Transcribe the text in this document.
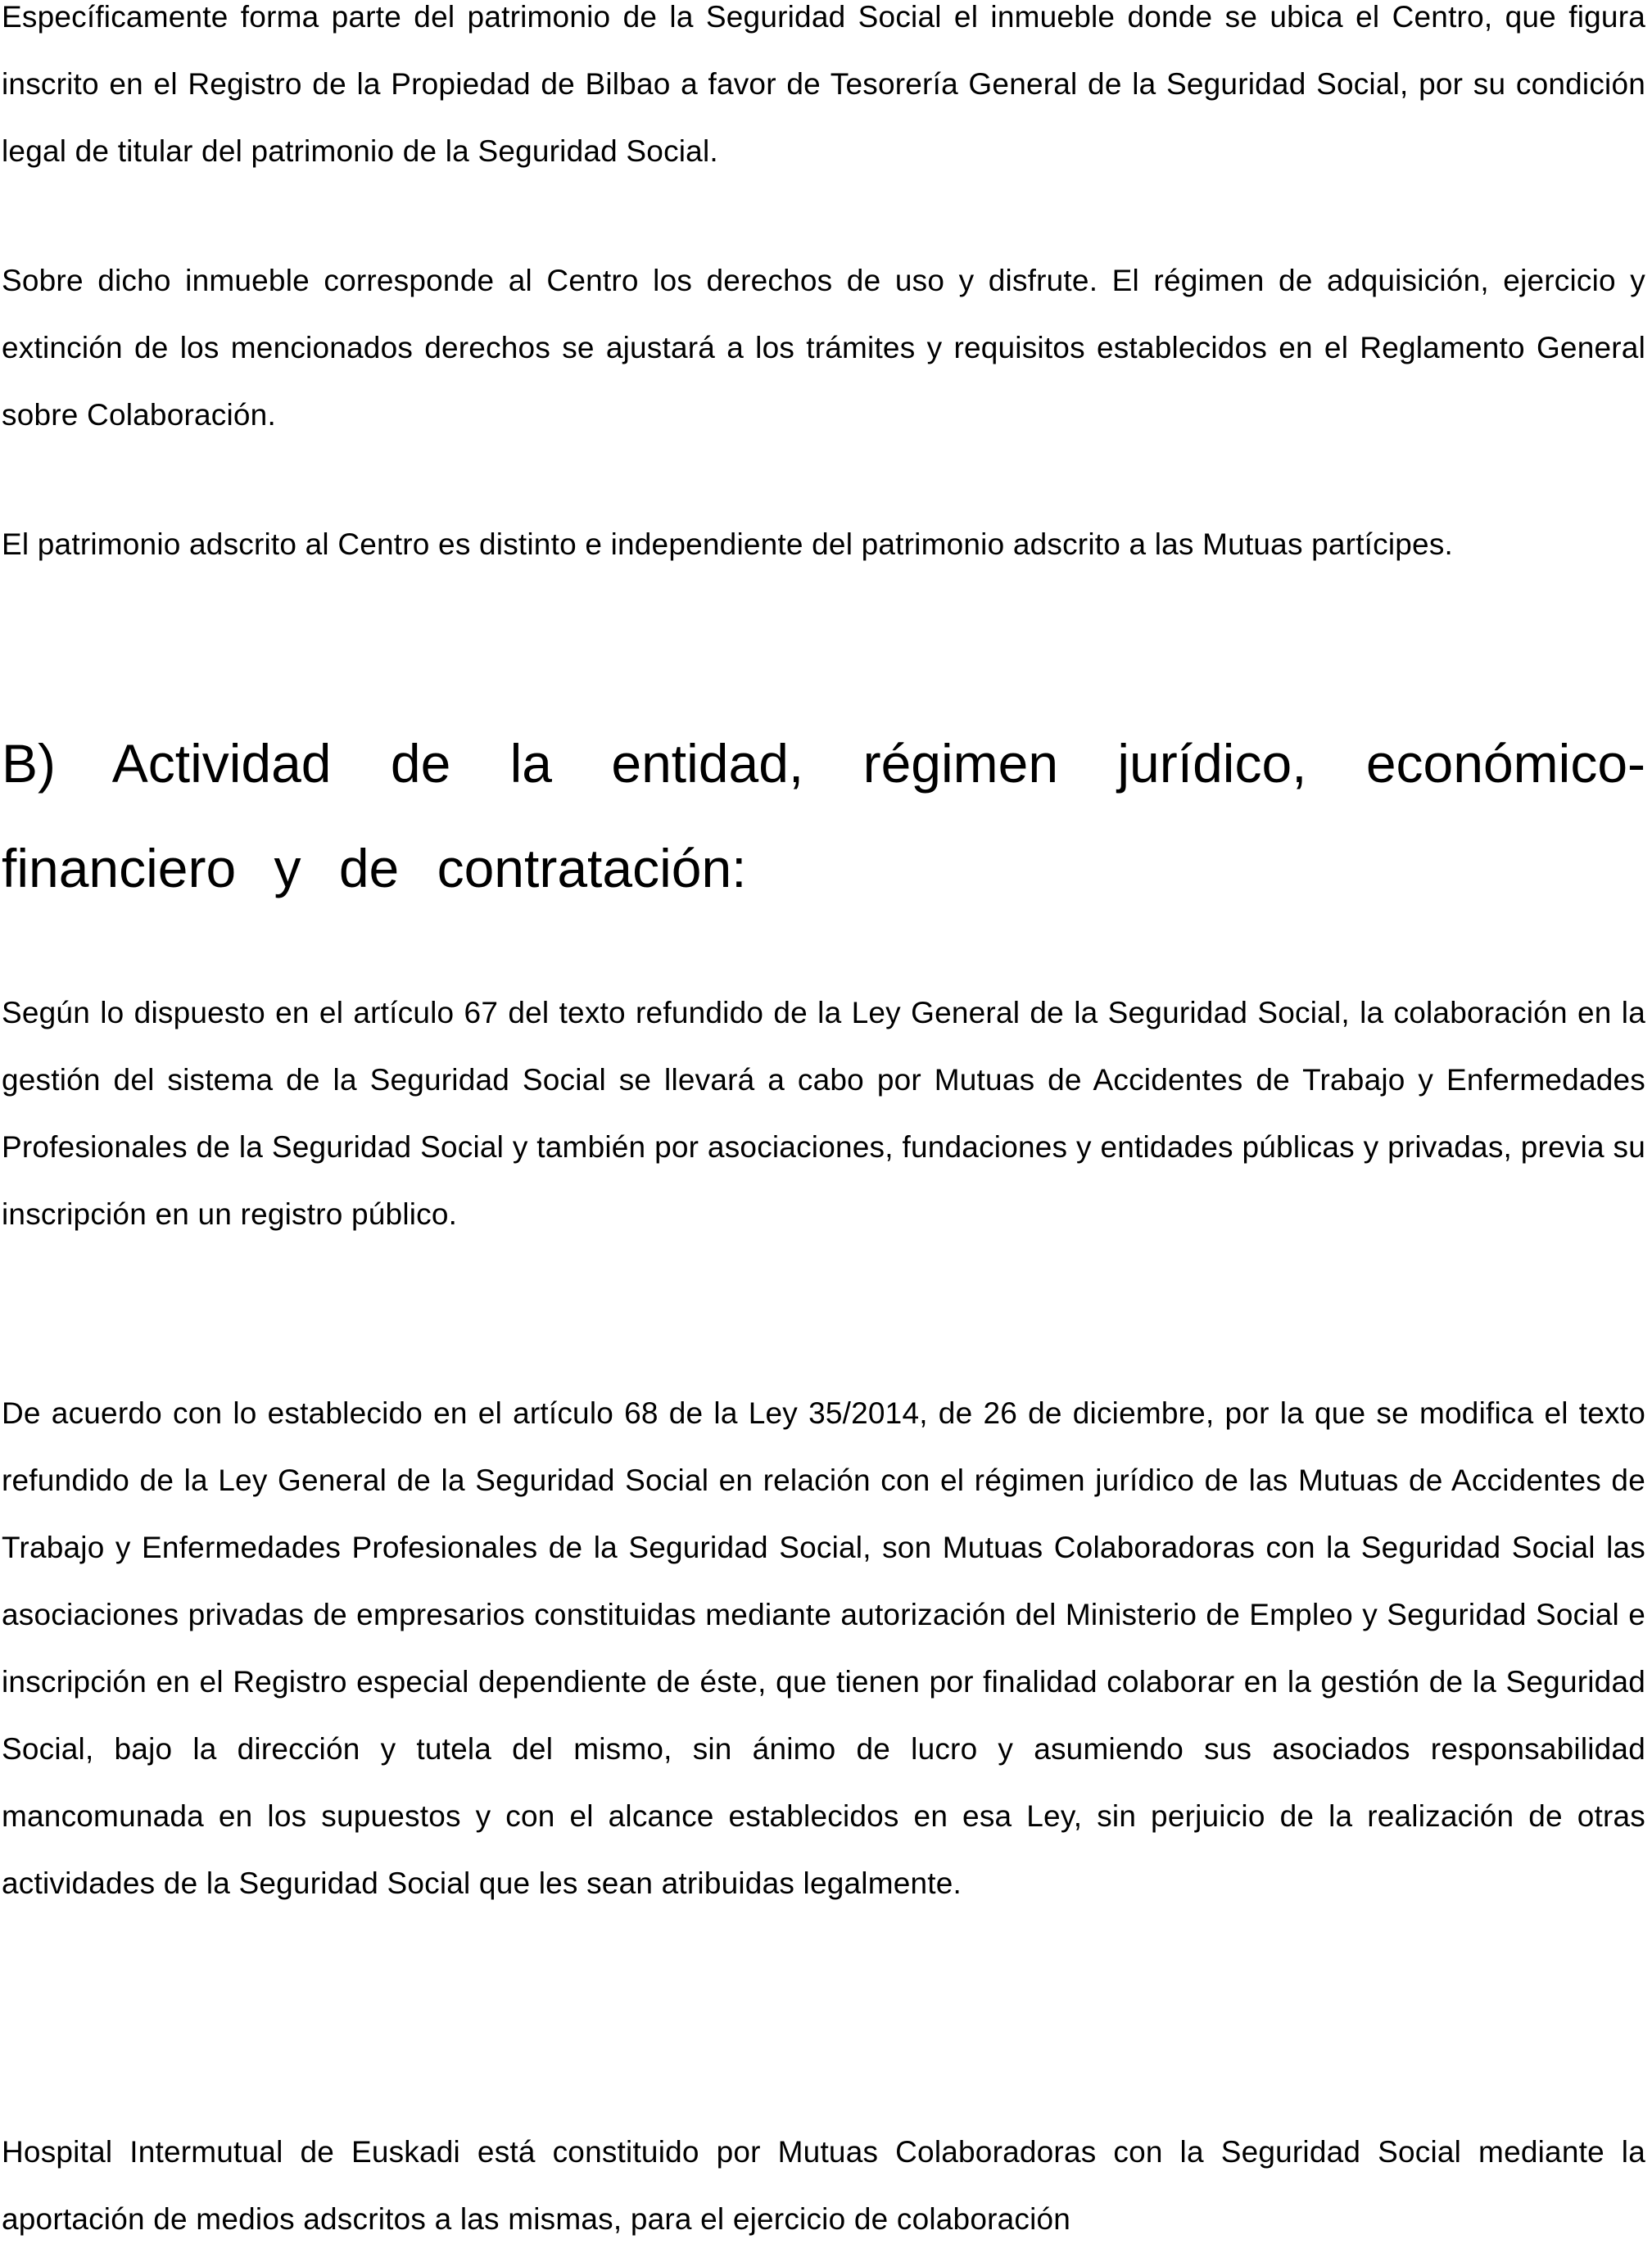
Específicamente forma parte del patrimonio de la Seguridad Social el inmueble donde se ubica el Centro, que figura inscrito en el Registro de la Propiedad de Bilbao a favor de Tesorería General de la Seguridad Social, por su condición legal de titular del patrimonio de la Seguridad Social.

Sobre dicho inmueble corresponde al Centro los derechos de uso y disfrute. El régimen de adquisición, ejercicio y extinción de los mencionados derechos se ajustará a los trámites y requisitos establecidos en el Reglamento General sobre Colaboración.

El patrimonio adscrito al Centro es distinto e independiente del patrimonio adscrito a las Mutuas partícipes.

B) Actividad de la entidad, régimen jurídico, económico-financiero y de contratación:

Según lo dispuesto en el artículo 67 del texto refundido de la Ley General de la Seguridad Social, la colaboración en la gestión del sistema de la Seguridad Social se llevará a cabo por Mutuas de Accidentes de Trabajo y Enfermedades Profesionales de la Seguridad Social y también por asociaciones, fundaciones y entidades públicas y privadas, previa su inscripción en un registro público.

De acuerdo con lo establecido en el artículo 68 de la Ley 35/2014, de 26 de diciembre, por la que se modifica el texto refundido de la Ley General de la Seguridad Social en relación con el régimen jurídico de las Mutuas de Accidentes de Trabajo y Enfermedades Profesionales de la Seguridad Social, son Mutuas Colaboradoras con la Seguridad Social las asociaciones privadas de empresarios constituidas mediante autorización del Ministerio de Empleo y Seguridad Social e inscripción en el Registro especial dependiente de éste, que tienen por finalidad colaborar en la gestión de la Seguridad Social, bajo la dirección y tutela del mismo, sin ánimo de lucro y asumiendo sus asociados responsabilidad mancomunada en los supuestos y con el alcance establecidos en esa Ley, sin perjuicio de la realización de otras actividades de la Seguridad Social que les sean atribuidas legalmente.

Hospital Intermutual de Euskadi está constituido por Mutuas Colaboradoras con la Seguridad Social mediante la aportación de medios adscritos a las mismas, para el ejercicio de colaboración
